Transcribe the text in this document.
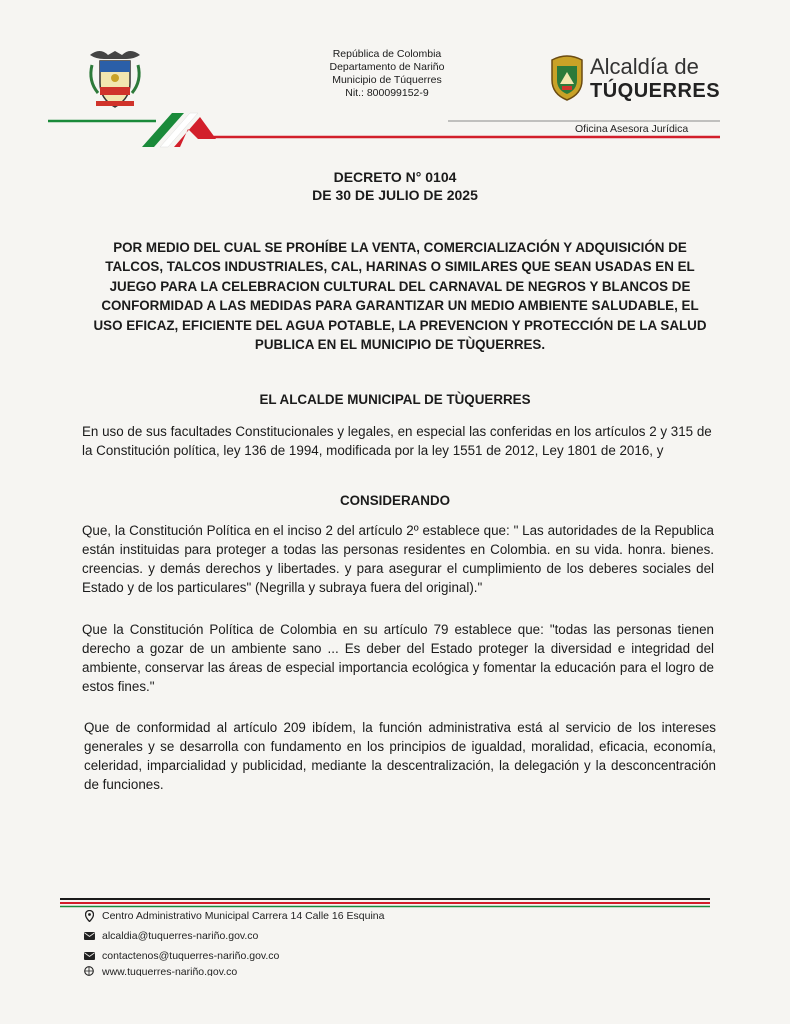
República de Colombia
Departamento de Nariño
Municipio de Túquerres
Nit.: 800099152-9
Alcaldía de
TÚQUERRES
Oficina Asesora Jurídica
DECRETO N° 0104
DE 30 DE JULIO DE 2025
POR MEDIO DEL CUAL SE PROHÍBE LA VENTA, COMERCIALIZACIÓN Y ADQUISICIÓN DE TALCOS, TALCOS INDUSTRIALES, CAL, HARINAS O SIMILARES QUE SEAN USADAS EN EL JUEGO PARA LA CELEBRACION CULTURAL DEL CARNAVAL DE NEGROS Y BLANCOS DE CONFORMIDAD A LAS MEDIDAS PARA GARANTIZAR UN MEDIO AMBIENTE SALUDABLE, EL USO EFICAZ, EFICIENTE DEL AGUA POTABLE, LA PREVENCION Y PROTECCIÓN DE LA SALUD PUBLICA EN EL MUNICIPIO DE TÙQUERRES.
EL ALCALDE MUNICIPAL DE TÙQUERRES
En uso de sus facultades Constitucionales y legales, en especial las conferidas en los artículos 2 y 315 de la Constitución política, ley 136 de 1994, modificada por la ley 1551 de 2012, Ley 1801 de 2016, y
CONSIDERANDO
Que, la Constitución Política en el inciso 2 del artículo 2º establece que: " Las autoridades de la Republica están instituidas para proteger a todas las personas residentes en Colombia. en su vida. honra. bienes. creencias. y demás derechos y libertades. y para asegurar el cumplimiento de los deberes sociales del Estado y de los particulares" (Negrilla y subraya fuera del original)."
Que la Constitución Política de Colombia en su artículo 79 establece que: "todas las personas tienen derecho a gozar de un ambiente sano ... Es deber del Estado proteger la diversidad e integridad del ambiente, conservar las áreas de especial importancia ecológica y fomentar la educación para el logro de estos fines."
Que de conformidad al artículo 209 ibídem, la función administrativa está al servicio de los intereses generales y se desarrolla con fundamento en los principios de igualdad, moralidad, eficacia, economía, celeridad, imparcialidad y publicidad, mediante la descentralización, la delegación y la desconcentración de funciones.
Centro Administrativo Municipal Carrera 14 Calle 16 Esquina
alcaldia@tuquerres-nariño.gov.co
contactenos@tuquerres-nariño.gov.co
www.tuquerres-nariño.gov.co
